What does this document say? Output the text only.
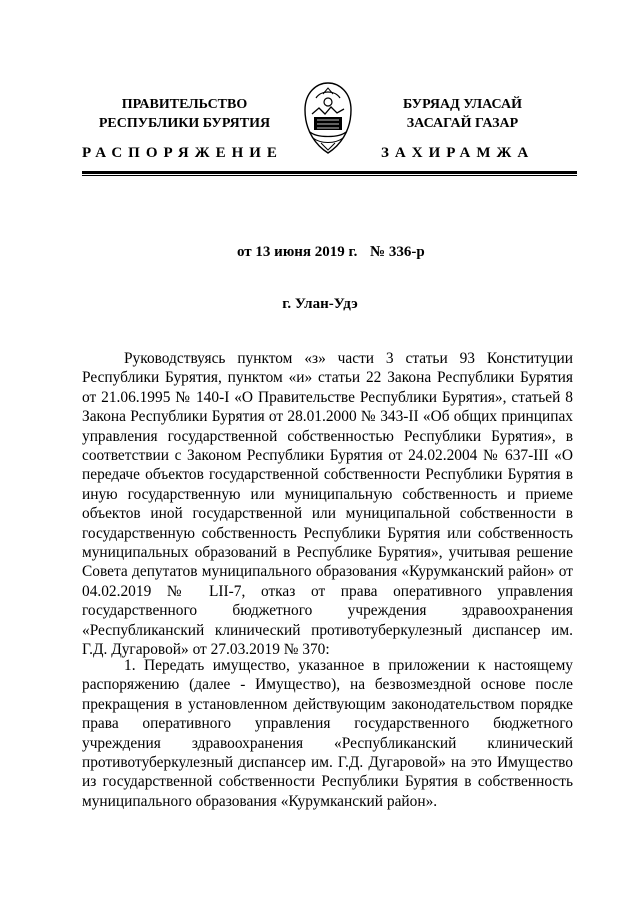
ПРАВИТЕЛЬСТВО
РЕСПУБЛИКИ БУРЯТИЯ
БУРЯАД УЛАСАЙ
ЗАСАГАЙ ГАЗАР
РАСПОРЯЖЕНИЕ	ЗАХИРАМЖА
от 13 июня 2019 г. № 336-р
г. Улан-Удэ

Руководствуясь пунктом «з» части 3 статьи 93 Конституции Республики Бурятия, пунктом «и» статьи 22 Закона Республики Бурятия от 21.06.1995 № 140-I «О Правительстве Республики Бурятия», статьей 8 Закона Республики Бурятия от 28.01.2000 № 343-II «Об общих принципах управления государственной собственностью Республики Бурятия», в соответствии с Законом Республики Бурятия от 24.02.2004 № 637-III «О передаче объектов государственной собственности Республики Бурятия в иную государственную или муниципальную собственность и приеме объектов иной государственной или муниципальной собственности в государственную собственность Республики Бурятия или собственность муниципальных образований в Республике Бурятия», учитывая решение Совета депутатов муниципального образования «Курумканский район» от 04.02.2019 № LII-7, отказ от права оперативного управления государственного бюджетного учреждения здравоохранения «Республиканский клинический противотуберкулезный диспансер им. Г.Д. Дугаровой» от 27.03.2019 № 370:

1. Передать имущество, указанное в приложении к настоящему распоряжению (далее - Имущество), на безвозмездной основе после прекращения в установленном действующим законодательством порядке права оперативного управления государственного бюджетного учреждения здравоохранения «Республиканский клинический противотуберкулезный диспансер им. Г.Д. Дугаровой» на это Имущество из государственной собственности Республики Бурятия в собственность муниципального образования «Курумканский район».
